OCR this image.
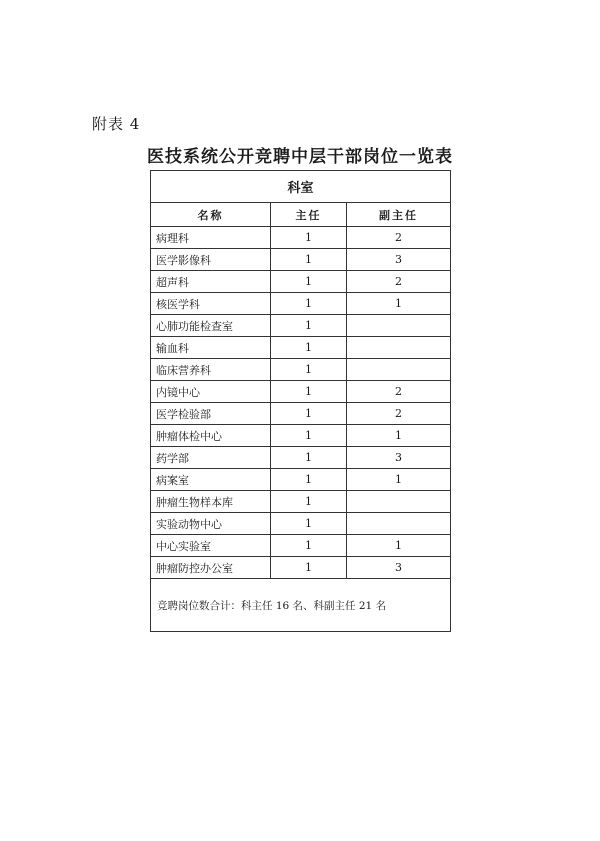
附表 4
医技系统公开竞聘中层干部岗位一览表
科室		
名称	主任	副主任
病理科	1	2
医学影像科	1	3
超声科	1	2
核医学科	1	1
心肺功能检查室	1	
输血科	1	
临床营养科	1	
内镜中心	1	2
医学检验部	1	2
肿瘤体检中心	1	1
药学部	1	3
病案室	1	1
肿瘤生物样本库	1	
实验动物中心	1	
中心实验室	1	1
肿瘤防控办公室	1	3
竞聘岗位数合计：科主任 16 名、科副主任 21 名		
